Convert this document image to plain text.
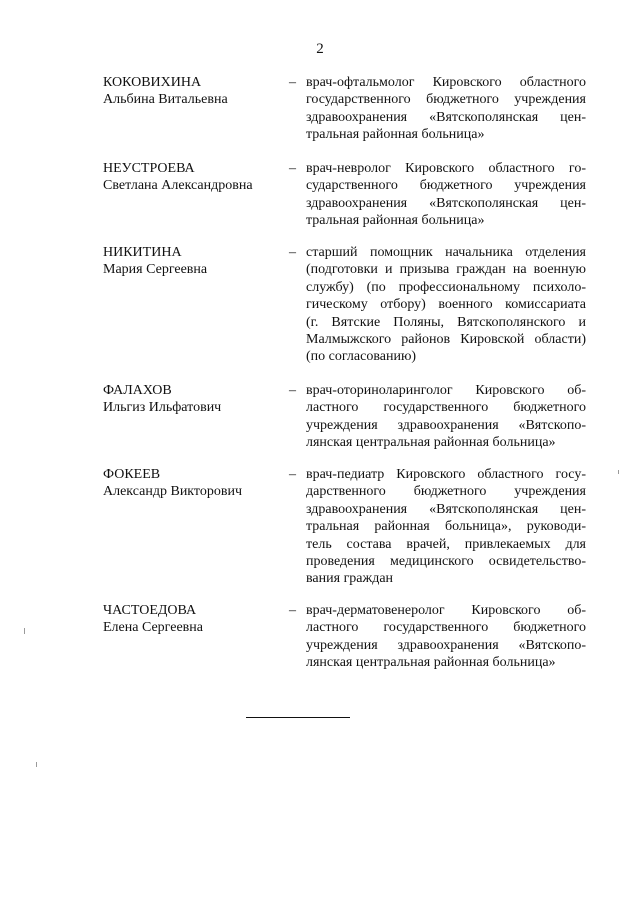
2
КОКОВИХИНА
Альбина Витальевна
– врач-офтальмолог Кировского областного
государственного бюджетного учреждения
здравоохранения «Вятскополянская цен-
тральная районная больница»
НЕУСТРОЕВА
Светлана Александровна
– врач-невролог Кировского областного го-
сударственного бюджетного учреждения
здравоохранения «Вятскополянская цен-
тральная районная больница»
НИКИТИНА
Мария Сергеевна
– старший помощник начальника отделения
(подготовки и призыва граждан на военную
службу) (по профессиональному психоло-
гическому отбору) военного комиссариата
(г. Вятские Поляны, Вятскополянского и
Малмыжского районов Кировской области)
(по согласованию)
ФАЛАХОВ
Ильгиз Ильфатович
– врач-оториноларинголог Кировского об-
ластного государственного бюджетного
учреждения здравоохранения «Вятскопо-
лянская центральная районная больница»
ФОКЕЕВ
Александр Викторович
– врач-педиатр Кировского областного госу-
дарственного бюджетного учреждения
здравоохранения «Вятскополянская цен-
тральная районная больница», руководи-
тель состава врачей, привлекаемых для
проведения медицинского освидетельство-
вания граждан
ЧАСТОЕДОВА
Елена Сергеевна
– врач-дерматовенеролог Кировского об-
ластного государственного бюджетного
учреждения здравоохранения «Вятскопо-
лянская центральная районная больница»
